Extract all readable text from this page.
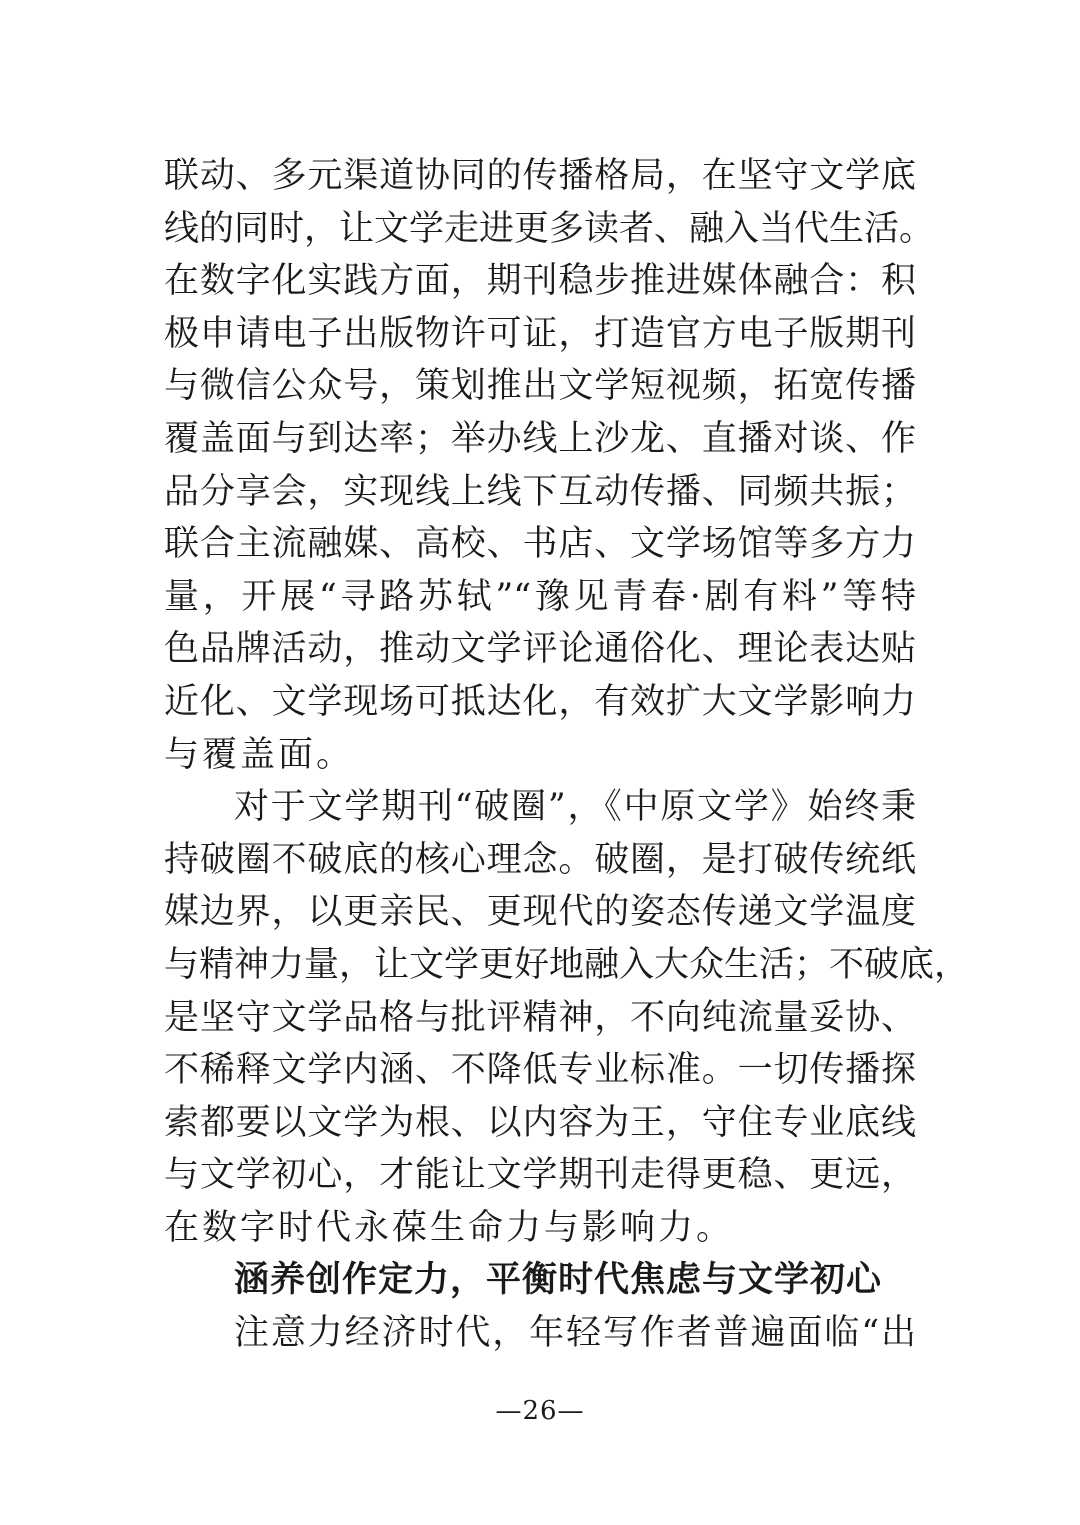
联动、多元渠道协同的传播格局，在坚守文学底
线的同时，让文学走进更多读者、融入当代生活。
在数字化实践方面，期刊稳步推进媒体融合：积
极申请电子出版物许可证，打造官方电子版期刊
与微信公众号，策划推出文学短视频，拓宽传播
覆盖面与到达率；举办线上沙龙、直播对谈、作
品分享会，实现线上线下互动传播、同频共振；
联合主流融媒、高校、书店、文学场馆等多方力
量，开展“寻路苏轼”“豫见青春·剧有料”等特
色品牌活动，推动文学评论通俗化、理论表达贴
近化、文学现场可抵达化，有效扩大文学影响力
与覆盖面。
对于文学期刊“破圈”，《中原文学》始终秉
持破圈不破底的核心理念。破圈，是打破传统纸
媒边界，以更亲民、更现代的姿态传递文学温度
与精神力量，让文学更好地融入大众生活；不破底，
是坚守文学品格与批评精神，不向纯流量妥协、
不稀释文学内涵、不降低专业标准。一切传播探
索都要以文学为根、以内容为王，守住专业底线
与文学初心，才能让文学期刊走得更稳、更远，
在数字时代永葆生命力与影响力。
涵养创作定力，平衡时代焦虑与文学初心
注意力经济时代，年轻写作者普遍面临“出
—26—
